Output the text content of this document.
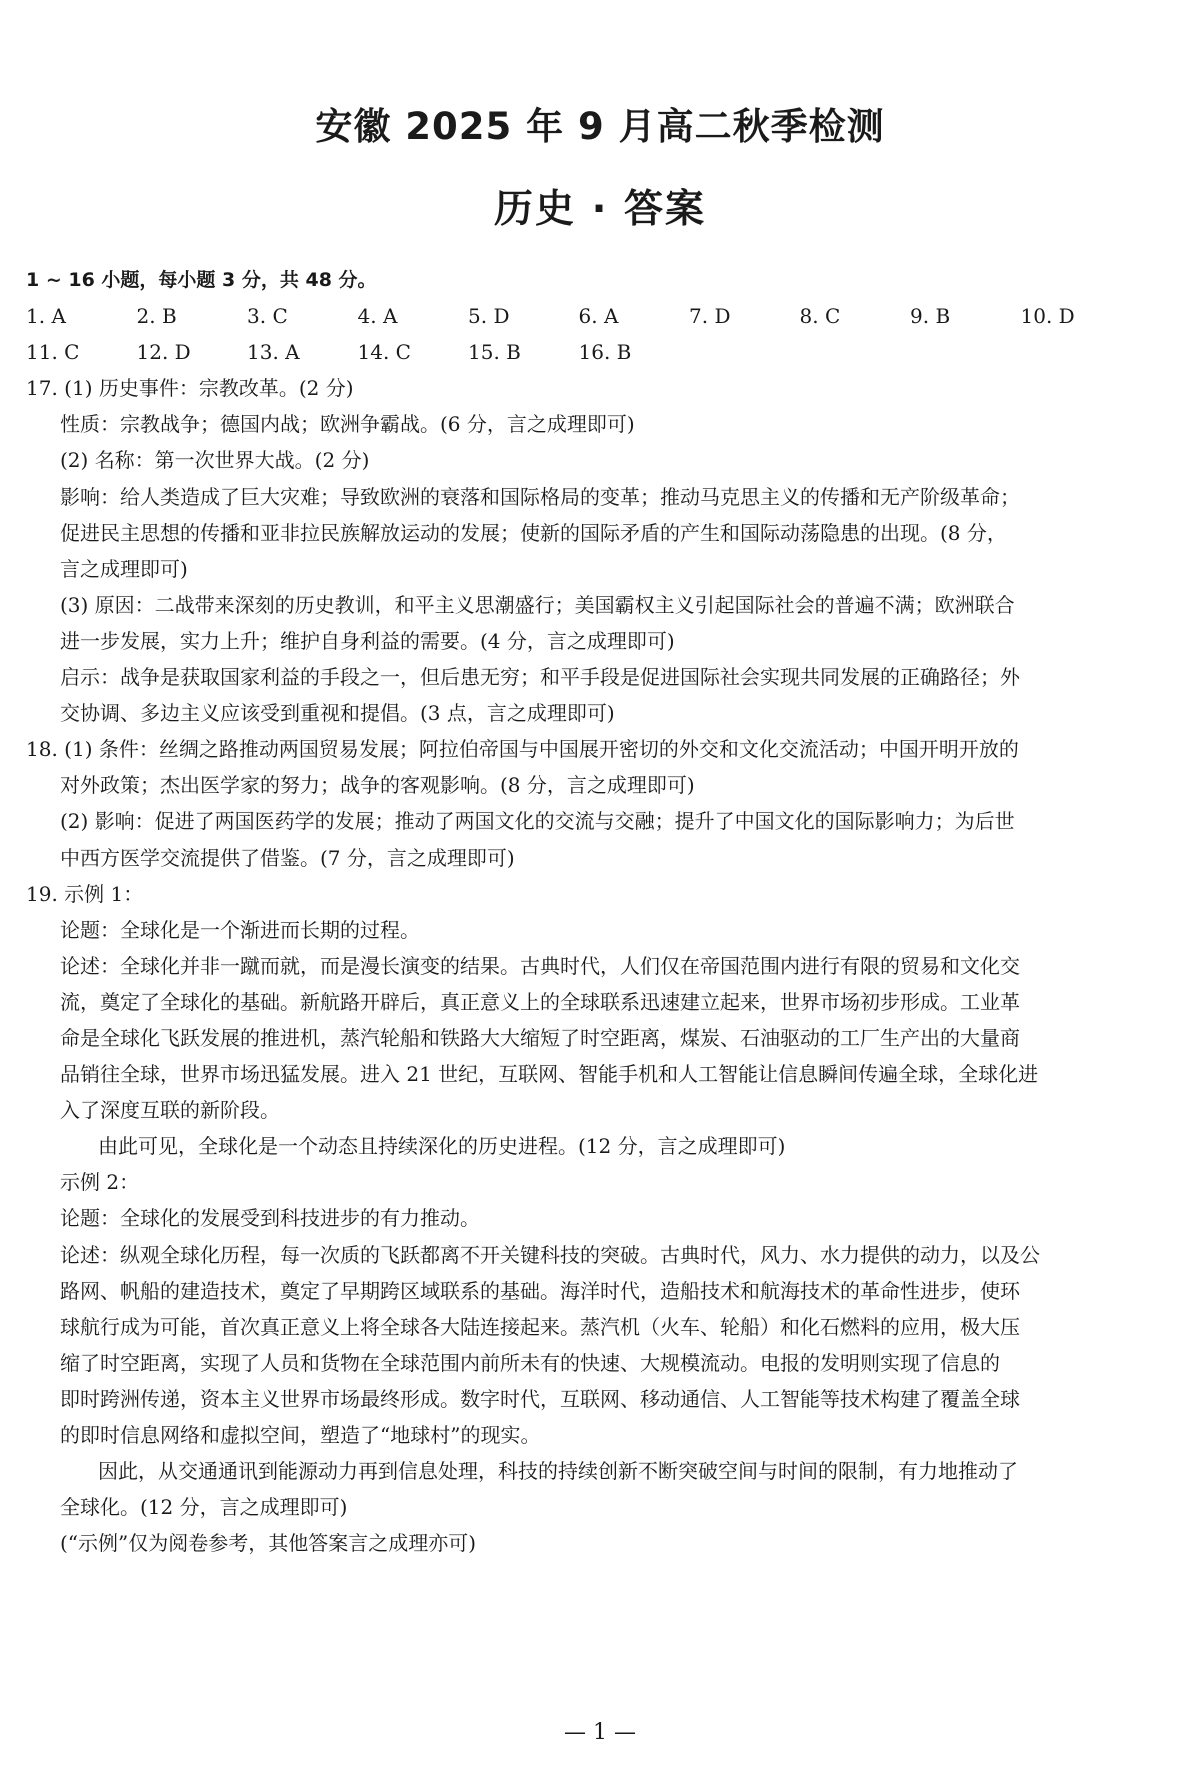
安徽 2025 年 9 月高二秋季检测
历史 · 答案
1 ~ 16 小题，每小题 3 分，共 48 分。
1. A	2. B	3. C	4. A	5. D	6. A	7. D	8. C	9. B	10. D
11. C	12. D	13. A	14. C	15. B	16. B
17. (1) 历史事件：宗教改革。(2 分)
性质：宗教战争；德国内战；欧洲争霸战。(6 分，言之成理即可)
(2) 名称：第一次世界大战。(2 分)
影响：给人类造成了巨大灾难；导致欧洲的衰落和国际格局的变革；推动马克思主义的传播和无产阶级革命；
促进民主思想的传播和亚非拉民族解放运动的发展；使新的国际矛盾的产生和国际动荡隐患的出现。(8 分，
言之成理即可)
(3) 原因：二战带来深刻的历史教训，和平主义思潮盛行；美国霸权主义引起国际社会的普遍不满；欧洲联合
进一步发展，实力上升；维护自身利益的需要。(4 分，言之成理即可)
启示：战争是获取国家利益的手段之一，但后患无穷；和平手段是促进国际社会实现共同发展的正确路径；外
交协调、多边主义应该受到重视和提倡。(3 点，言之成理即可)
18. (1) 条件：丝绸之路推动两国贸易发展；阿拉伯帝国与中国展开密切的外交和文化交流活动；中国开明开放的
对外政策；杰出医学家的努力；战争的客观影响。(8 分，言之成理即可)
(2) 影响：促进了两国医药学的发展；推动了两国文化的交流与交融；提升了中国文化的国际影响力；为后世
中西方医学交流提供了借鉴。(7 分，言之成理即可)
19. 示例 1：
论题：全球化是一个渐进而长期的过程。
论述：全球化并非一蹴而就，而是漫长演变的结果。古典时代，人们仅在帝国范围内进行有限的贸易和文化交
流，奠定了全球化的基础。新航路开辟后，真正意义上的全球联系迅速建立起来，世界市场初步形成。工业革
命是全球化飞跃发展的推进机，蒸汽轮船和铁路大大缩短了时空距离，煤炭、石油驱动的工厂生产出的大量商
品销往全球，世界市场迅猛发展。进入 21 世纪，互联网、智能手机和人工智能让信息瞬间传遍全球，全球化进
入了深度互联的新阶段。
由此可见，全球化是一个动态且持续深化的历史进程。(12 分，言之成理即可)
示例 2：
论题：全球化的发展受到科技进步的有力推动。
论述：纵观全球化历程，每一次质的飞跃都离不开关键科技的突破。古典时代，风力、水力提供的动力，以及公
路网、帆船的建造技术，奠定了早期跨区域联系的基础。海洋时代，造船技术和航海技术的革命性进步，使环
球航行成为可能，首次真正意义上将全球各大陆连接起来。蒸汽机（火车、轮船）和化石燃料的应用，极大压
缩了时空距离，实现了人员和货物在全球范围内前所未有的快速、大规模流动。电报的发明则实现了信息的
即时跨洲传递，资本主义世界市场最终形成。数字时代，互联网、移动通信、人工智能等技术构建了覆盖全球
的即时信息网络和虚拟空间，塑造了“地球村”的现实。
因此，从交通通讯到能源动力再到信息处理，科技的持续创新不断突破空间与时间的限制，有力地推动了
全球化。(12 分，言之成理即可)
(“示例”仅为阅卷参考，其他答案言之成理亦可)
— 1 —
